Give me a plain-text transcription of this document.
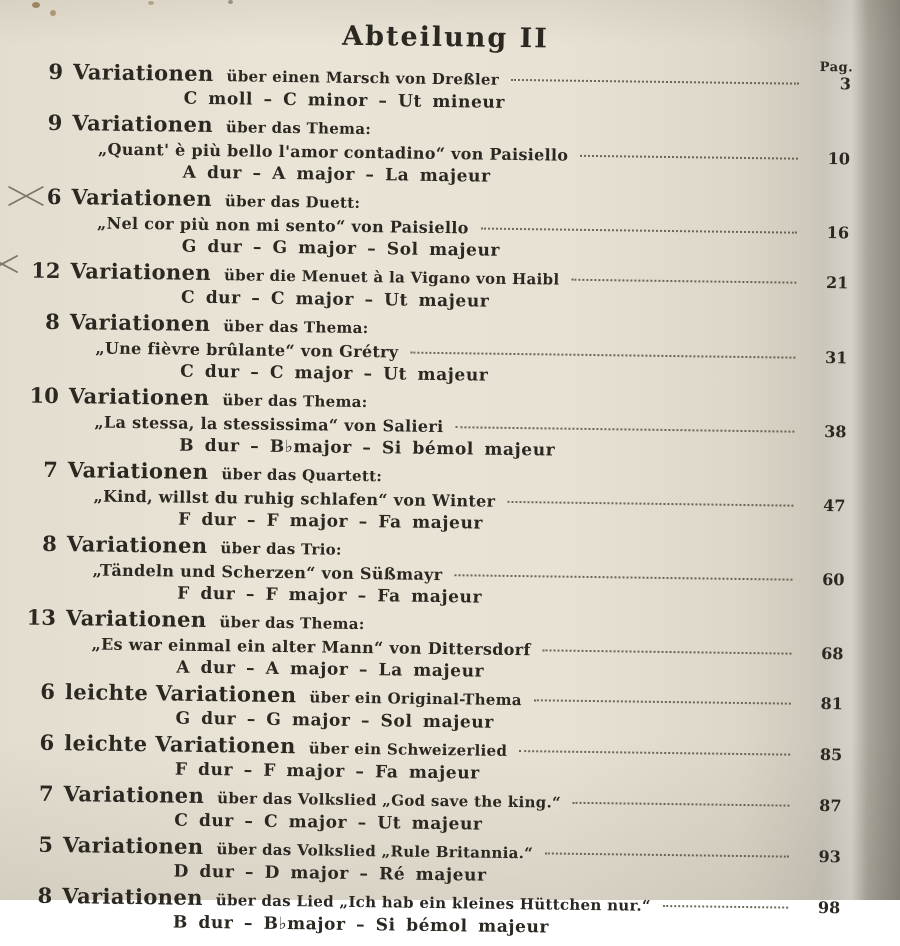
Pag.
Abteilung II
9 Variationen über einen Marsch von Dreßler	3
C moll – C minor – Ut mineur
9 Variationen über das Thema:
„Quant' è più bello l'amor contadino“ von Paisiello	10
A dur – A major – La majeur
6 Variationen über das Duett:
„Nel cor più non mi sento“ von Paisiello	16
G dur – G major – Sol majeur
12 Variationen über die Menuet à la Vigano von Haibl	21
C dur – C major – Ut majeur
8 Variationen über das Thema:
„Une fièvre brûlante“ von Grétry	31
C dur – C major – Ut majeur
10 Variationen über das Thema:
„La stessa, la stessissima“ von Salieri	38
B dur – B♭major – Si bémol majeur
7 Variationen über das Quartett:
„Kind, willst du ruhig schlafen“ von Winter	47
F dur – F major – Fa majeur
8 Variationen über das Trio:
„Tändeln und Scherzen“ von Süßmayr	60
F dur – F major – Fa majeur
13 Variationen über das Thema:
„Es war einmal ein alter Mann“ von Dittersdorf	68
A dur – A major – La majeur
6 leichte Variationen über ein Original-Thema	81
G dur – G major – Sol majeur
6 leichte Variationen über ein Schweizerlied	85
F dur – F major – Fa majeur
7 Variationen über das Volkslied „God save the king.“	87
C dur – C major – Ut majeur
5 Variationen über das Volkslied „Rule Britannia.“	93
D dur – D major – Ré majeur
8 Variationen über das Lied „Ich hab ein kleines Hüttchen nur.“	98
B dur – B♭major – Si bémol majeur
